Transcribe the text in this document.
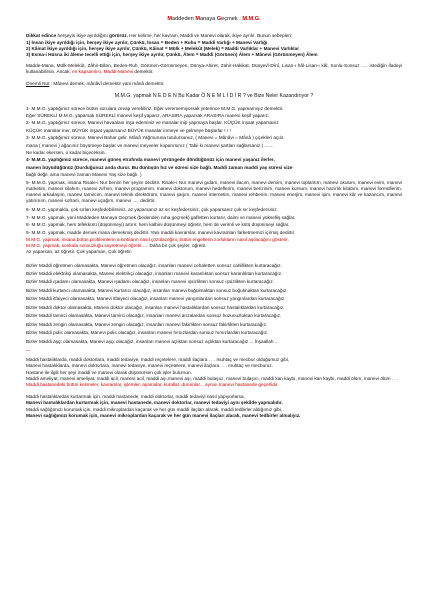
Maddeden Manaya Geçmek : M.M.G.

Dikkat edince herşeyin ikiye ayrıldığını görürüz. Her kelime, her kavram, Maddi ve Manevi olarak, ikiye ayrılır. Bunun sebepleri:

1) İnsan ikiye ayrıldığı için, herşey ikiye ayrılır, Çünkü, İnsan = Beden + Ruhu = Maddi Varlığı + Manevi Varlığı

2) Kâinat ikiye ayrıldığı için, herşey ikiye ayrılır, Çünkü, Kâinat = Mülk + Melekût (Melek) = Maddi Varlıklar + Manevi Varlıklar

3) Esma-i Hüsna iki âleme tecelli ettiği için, herşey ikiye ayrılır, Çünkü, Âlem = Maddi (Görünen) Âlem + Mânevi (Görünmeyen) Âlem

Madde-Mana, Mülk-Melekût, Zâhir-Bâtın, Beden-Ruh, Görünen-Görünmeyen, Dünya-Ahiret, Zahir-Hakikat, Dünyevî-Dînî, Lisan-ı hâl-Lisan-ı kâl, Sonlu-Sonsuz ..... istediğin ifadeyi kullanabilirsin. Ancak, en kapsamlısı, Maddi-Manevi demektir.

Önemli Not : Mânevi demek, mânâvî demektir yani mânâ demektir.

M.M.G. yapmak N E D E N Bu Kadar Ö N E M L İ D İ R ? ve Bize Neler Kazandırıyor ?

1- M.M.G. yaptığımız sürece bütün sorulara cevap verebiliriz. Eğer verememiyorsak yeterince M.M.G. yapmamışız demektir.
Eğer SÜREKLİ M.M.G. yaparsak SÜREKLİ manevi keşif yaparız, ARASIRA yaparsak ARASIRA manevi keşif yaparız.
2- M.M.G. yaptığımız sürece, Manevi havaalanı inşa edersiniz ve manalar inip yapmaya başlar. KÜÇÜK inşaat yaparsanız
KÜÇÜK manalar iner, BÜYÜK inşaat yaparsanız BÜYÜK manalar inmeye ve gelmeye başlarlar ! ! !
3- M.M.G. yaptığımız sürece, Manevi Bahar gelir. Mânâ Yağmuruna tutulursunuz, ( Manevi = Mânâvi = Mânâ ) çiçekleri açılır,
mana ( manevi ) ağacınız büyümeye başlar ve manevi meyveler koparırsınız ( Tabii ki manevi şartları sağlarsanız ) .......
Ne kadar ekersen, o kadar biçeceksin.
4- M.M.G. yaptığımız sürece, manevi güneş etrafında manevi yörüngede döndüğünüz için manevi yaşanız ilerler,
manen büyüdüğünüz (Durduğunuz anda durur. Bu dünüşün hız ve süresi size bağlı. Maddi zaman maddi yaş süresi size
bağlı değil, ama manevi zaman Manevi Yaş size bağlı. )
5- M.M.G. yapmak, insana Risale-i Nur benim her şeyim dedirtir. Risale-i Nur manevi gıdam, manevi ilacım, manevi dersim, manevi toplantım, manevi okulum, manevi evim, manevi marketim, manevi silahım, manevi zırhım, manevi programım, manevi doktorum, manevi hedeflerim, manevi benzinim, manevi kursum, manevi hazırlık kitabım, manevi formüllerim, manevi arkadaşım, manevi tamircim, manevi teknik direktörüm, manevi şarjım, manevi internetim, manevi rehberim, manevi enerjim, manevi işim, manevi kâr ve kazancım, manevi yatırımım, manevi sofram, manevi uçağım, manevi ..... dedirtir.
6- M.M.G. yapmakla, çok sırları keşfedebilirsiniz, az yaparsanız az sır keşfedersiniz, çok yaparsanız çok sır keşfedersiniz.
7- M.M.G. yapmak, yani Maddeden Manaya Geçmek (bedenden ruha geçmek) gafletten kurtarır, daimi ve manevi yükselliş sağlar.
8- M.M.G. yapmak, hem tefekkürü (düşünmeyi) artırır, hem kalbini düşünmeyi öğretir, hem de verimli ve kütü düşünmeyi sağlar.
9- M.M.G. yapmak, madde demek mana demekmiş dedirtir. Yani maddi kavramlar, manevi kavramları farketmemizi içirmiş dedirtir.

M.M.G. yapmak, insana bütün problemlerin sıkıntıların nasıl çözülaceğini, bütün engellerin zorlukların nasıl aşılacağını gösterir.

M.M.G. yapmak, sonluda sonsuzluğu seyretmeyi öğretir .... Daha bir çok şeyler, öğretir.

Az yaparsan, az öğretir. Çok yaparsan, Çok öğretir.

Bizler Maddi öğretmen olamasakta, Manevi öğretmen olacağız, insanları manevi cehaletten sonsuz cahillikten kurtaracağız.
Bizler Maddi elektrikçi olamasakta, Manevi elektrikçi olacağız, insanları manevi karanlıktan sonsuz karanlıktan kurtaracağız.
Bizler Maddi ışadamı olamasakta, Manevi ışadamı olacağız, insanları manevi ışsizlikten sonsuz ışsizlikten kurtaracağız.
Bizler Maddi kurtarıcı olamasakta, Manevi kurtarıcı olacağız, insanları manevi boğulmaktan sonsuz boğulmaktan kurtaracağız.
Bizler Maddi itfaiyeci olamasakta, Manevi itfaiyeci olacağız, insanları manevi yangınlardan sonsuz yangınlardan kurtaracağız.
Bizler Maddi doktor olamasakta, Manevi doktor olacağız, insanları manevi hastalıklardan sonsuz hastalıklardan kurtaracağız.
Bizler Maddi tamirci olamasakta, Manevi tamirci olacağız, insanları manevi arızalardan sonsuz hozunuzluktan kurtaracağız.
Bizler Maddi zengin olamasakta, Manevi zengin olacağız, insanları manevi fakirlikten sonsuz fakirlikten kurtaracağız.
Bizler Maddi polis olamasakta, Manevi polis olacağız, insanları manevi hırsızlardan sonsuz hırsızlardan kurtaracağız.
Bizler Maddi aşçı olamasakta, Manevi aşçı olacağız, insanları manevi açlıktan sonsuz açlıktan kurtaracağız ... İnşaallah ...

...

Maddi hastalıklarda, maddi doktorlara, maddi tedaviye, maddi reçetelere, maddi ilaçlara . . . muhtaç ve mecbur olduğumuz gibi,

Manevi hastalıklarda, manevi doktorlara, manevi tedaviye, manevi reçetelere, manevi ilaçlara . . . muhtaç ve mecburuz.

Hastane ile ilgili her şeyi maddi ve manevi olarak düşünürsen çok işler bulursun.

Maddi ameliyat, manevi ameliyat, maddi acil, manevi acil, maddi aşı,manevi aşı, maddi bulaşıcı, manevi bulaşıcı, maddi kan kaybı, manevi kan kaybı, maddi ölüm, manevi ölüm . . .

Maddi hastanedeki bütün kelimeler, kavramlar, işlemler, aşamalar, kurallar, durumlar... aynısı manevi hastanede geçerlidir.

Maddi hastalıklardan kurtarmak için, maddi hastanede, maddi doktorlar, maddi tedaviyi nasıl yapıyorlarsa,

Manevi hastalıklardan kurtarmak için, manevi hastanede, manevi doktorlar, manevi tedaviyi aynı şekilde yapmalıdır.

Maddi sağlığımızı korumak için, maddi mikroplardan kaçarak ve her gün maddi ilaçları alarak, maddi tedbirler aldığımız gibi,

Manevi sağlığımızı korumak için, manevi mikroplardan kaçarak ve her gün manevi ilaçları alarak, manevi tedbirler almalıyız.
